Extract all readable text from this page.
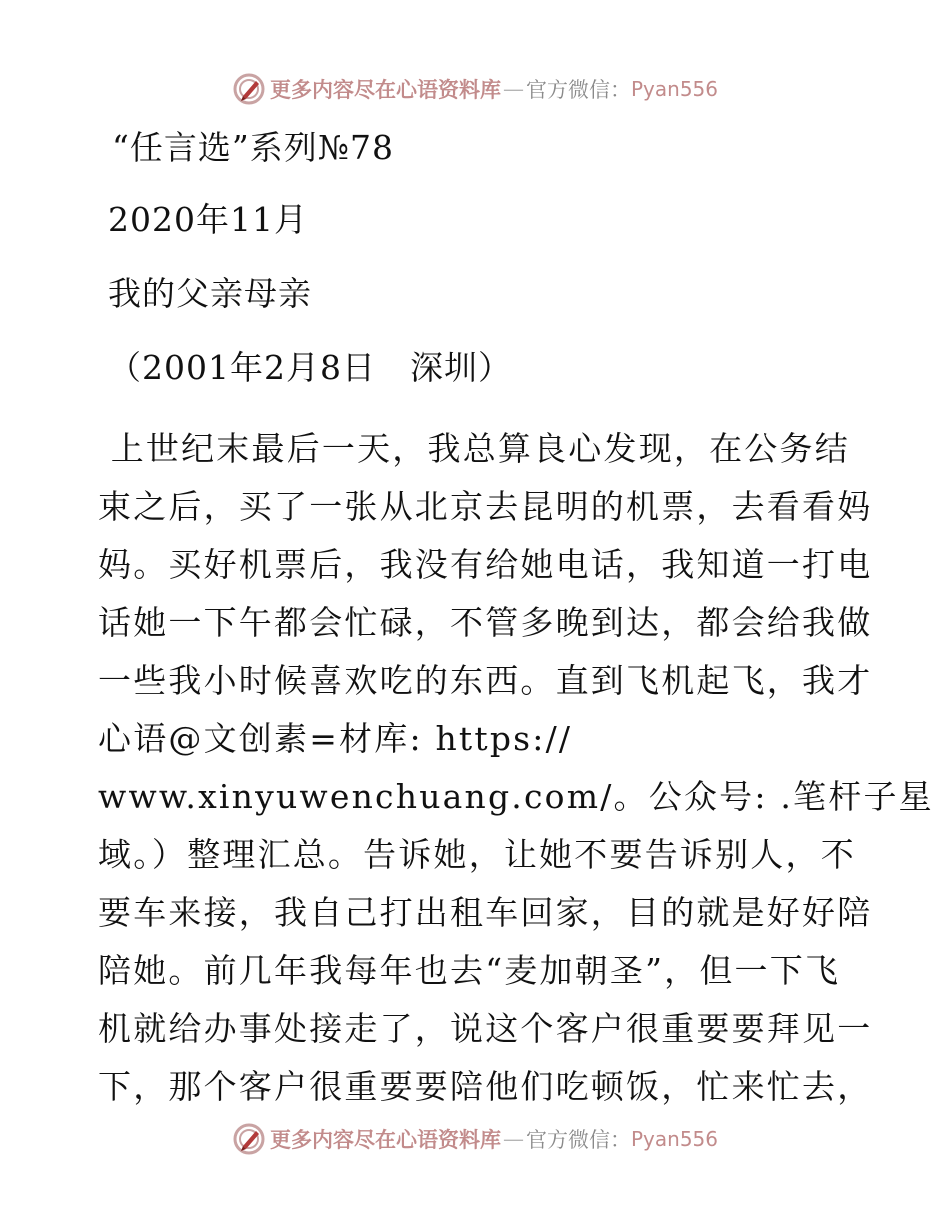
更多内容尽在心语资料库 — 官方微信： Pyan556
“任言选”系列№78
2020年11月
我的父亲母亲
（2001年2月8日　深圳）
上世纪末最后一天，我总算良心发现，在公务结
束之后，买了一张从北京去昆明的机票，去看看妈
妈。买好机票后，我没有给她电话，我知道一打电
话她一下午都会忙碌，不管多晚到达，都会给我做
一些我小时候喜欢吃的东西。直到飞机起飞，我才
心语@文创素=材库: https://
www.xinyuwenchuang.com/。公众号: .笔杆子星
域。）整理汇总。告诉她，让她不要告诉别人，不
要车来接，我自己打出租车回家，目的就是好好陪
陪她。前几年我每年也去“麦加朝圣”，但一下飞
机就给办事处接走了，说这个客户很重要要拜见一
下，那个客户很重要要陪他们吃顿饭，忙来忙去，
更多内容尽在心语资料库 — 官方微信： Pyan556
